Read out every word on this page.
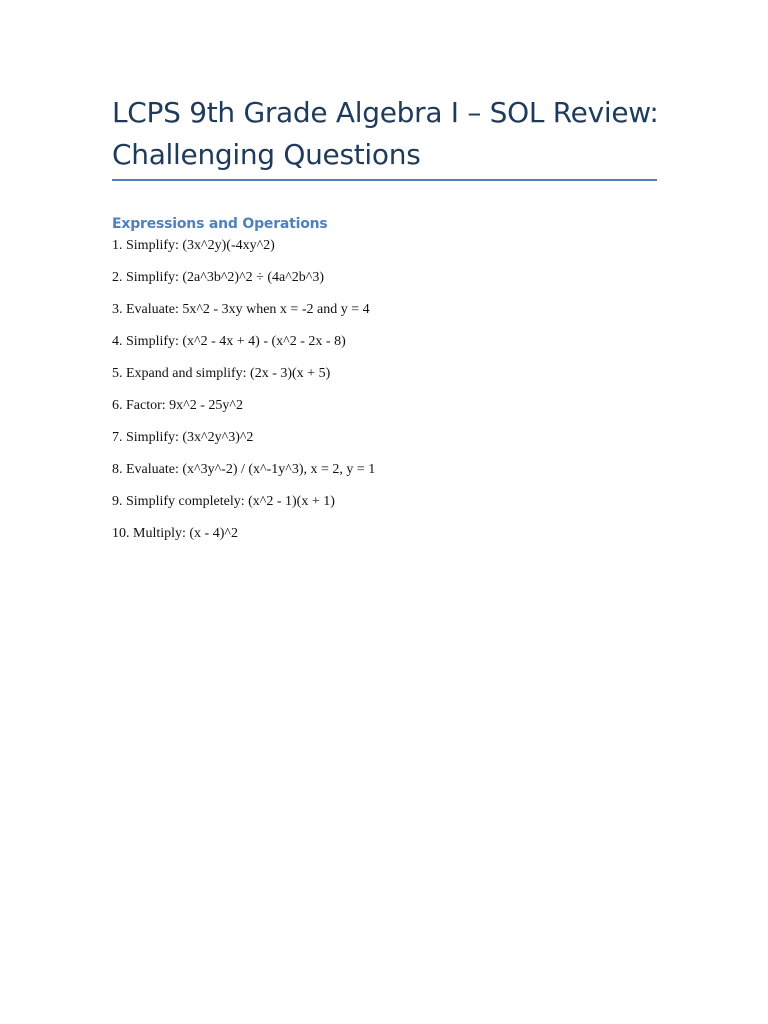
LCPS 9th Grade Algebra I – SOL Review: Challenging Questions
Expressions and Operations
1. Simplify: (3x^2y)(-4xy^2)
2. Simplify: (2a^3b^2)^2 ÷ (4a^2b^3)
3. Evaluate: 5x^2 - 3xy when x = -2 and y = 4
4. Simplify: (x^2 - 4x + 4) - (x^2 - 2x - 8)
5. Expand and simplify: (2x - 3)(x + 5)
6. Factor: 9x^2 - 25y^2
7. Simplify: (3x^2y^3)^2
8. Evaluate: (x^3y^-2) / (x^-1y^3), x = 2, y = 1
9. Simplify completely: (x^2 - 1)(x + 1)
10. Multiply: (x - 4)^2
